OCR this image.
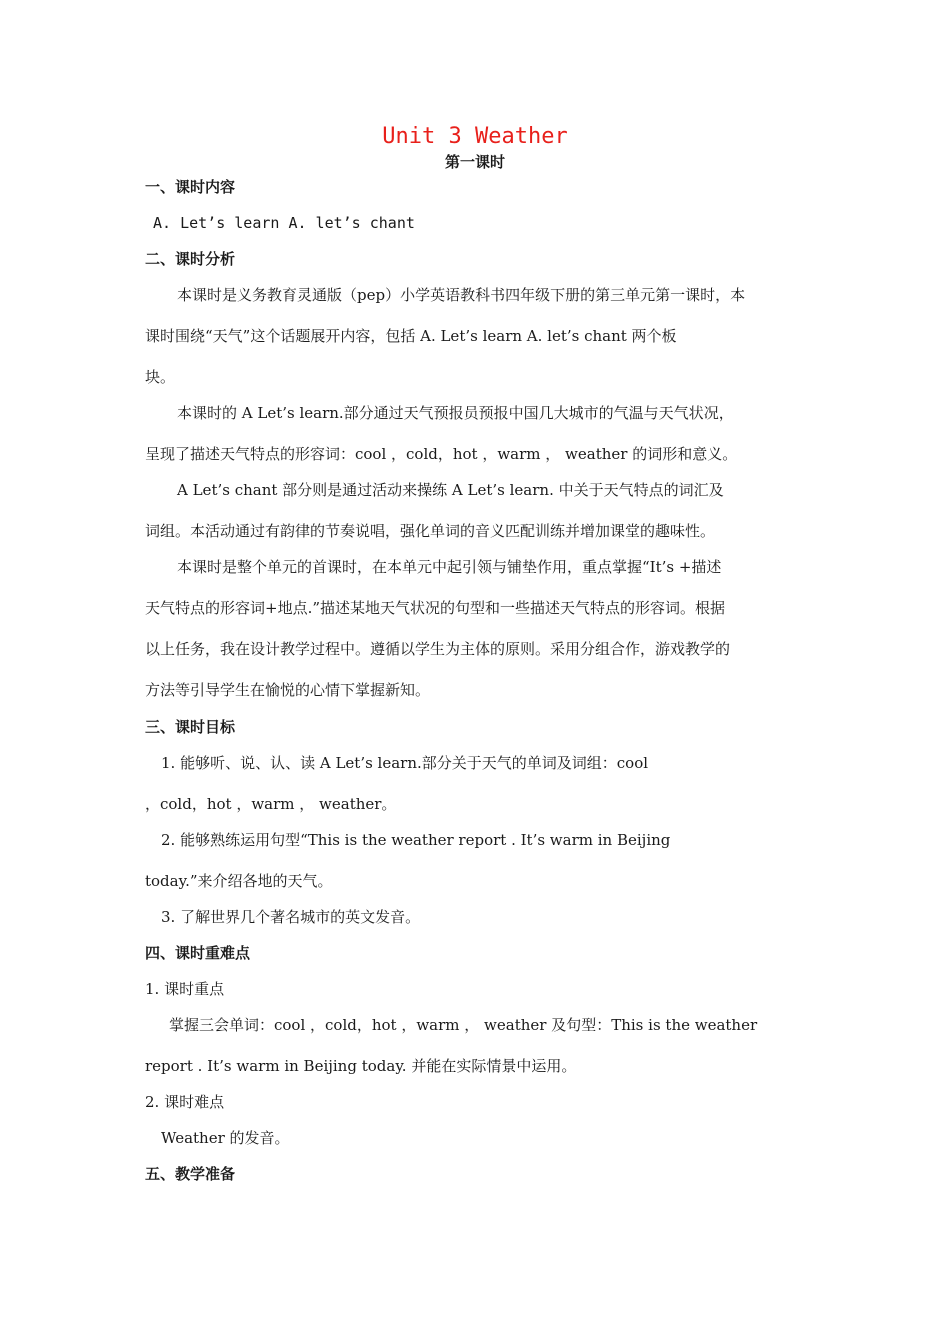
Unit 3 Weather
第一课时
一、课时内容
A. Let’s learn A. let’s chant
二、课时分析
本课时是义务教育灵通版（pep）小学英语教科书四年级下册的第三单元第一课时，本
课时围绕“天气”这个话题展开内容，包括 A. Let’s learn A. let’s chant 两个板
块。
本课时的 A Let’s learn.部分通过天气预报员预报中国几大城市的气温与天气状况，
呈现了描述天气特点的形容词：cool ，cold，hot ，warm ， weather 的词形和意义。
A Let’s chant 部分则是通过活动来操练 A Let’s learn. 中关于天气特点的词汇及
词组。本活动通过有韵律的节奏说唱，强化单词的音义匹配训练并增加课堂的趣味性。
本课时是整个单元的首课时，在本单元中起引领与铺垫作用，重点掌握“It’s +描述
天气特点的形容词+地点.”描述某地天气状况的句型和一些描述天气特点的形容词。根据
以上任务，我在设计教学过程中。遵循以学生为主体的原则。采用分组合作，游戏教学的
方法等引导学生在愉悦的心情下掌握新知。
三、课时目标
1. 能够听、说、认、读 A Let’s learn.部分关于天气的单词及词组：cool
，cold，hot ，warm ， weather。
2. 能够熟练运用句型“This is the weather report . It’s warm in Beijing
today.”来介绍各地的天气。
3. 了解世界几个著名城市的英文发音。
四、课时重难点
1. 课时重点
掌握三会单词：cool ，cold，hot ，warm ， weather 及句型：This is the weather
report . It’s warm in Beijing today. 并能在实际情景中运用。
2. 课时难点
Weather 的发音。
五、教学准备
